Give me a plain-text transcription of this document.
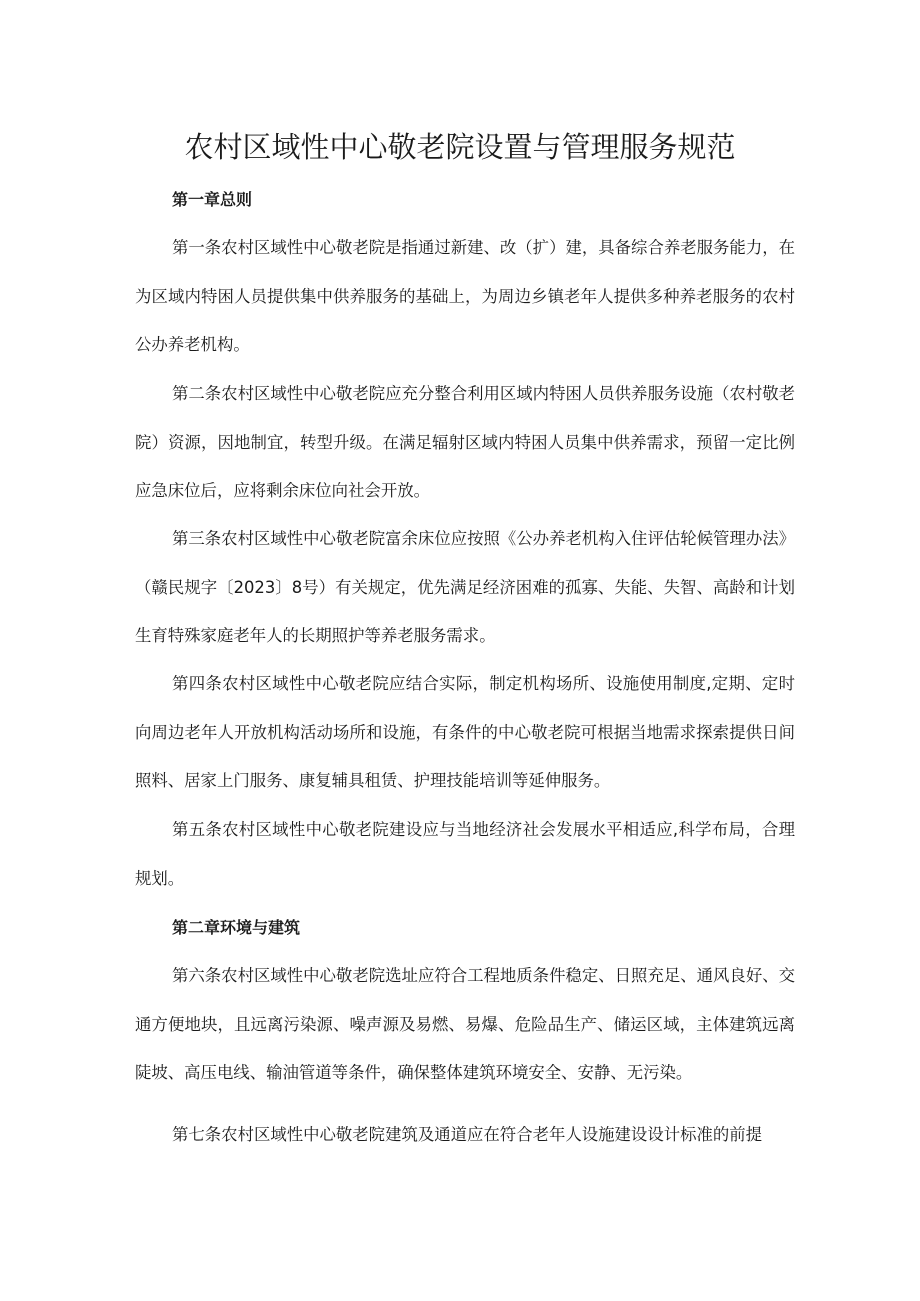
农村区域性中心敬老院设置与管理服务规范
第一章总则

第一条农村区域性中心敬老院是指通过新建、改（扩）建，具备综合养老服务能力，在为区域内特困人员提供集中供养服务的基础上，为周边乡镇老年人提供多种养老服务的农村公办养老机构。

第二条农村区域性中心敬老院应充分整合利用区域内特困人员供养服务设施（农村敬老院）资源，因地制宜，转型升级。在满足辐射区域内特困人员集中供养需求，预留一定比例应急床位后，应将剩余床位向社会开放。

第三条农村区域性中心敬老院富余床位应按照《公办养老机构入住评估轮候管理办法》（赣民规字〔2023〕8号）有关规定，优先满足经济困难的孤寡、失能、失智、高龄和计划生育特殊家庭老年人的长期照护等养老服务需求。

第四条农村区域性中心敬老院应结合实际，制定机构场所、设施使用制度,定期、定时向周边老年人开放机构活动场所和设施，有条件的中心敬老院可根据当地需求探索提供日间照料、居家上门服务、康复辅具租赁、护理技能培训等延伸服务。

第五条农村区域性中心敬老院建设应与当地经济社会发展水平相适应,科学布局，合理规划。

第二章环境与建筑

第六条农村区域性中心敬老院选址应符合工程地质条件稳定、日照充足、通风良好、交通方便地块，且远离污染源、噪声源及易燃、易爆、危险品生产、储运区域，主体建筑远离陡坡、高压电线、输油管道等条件，确保整体建筑环境安全、安静、无污染。

第七条农村区域性中心敬老院建筑及通道应在符合老年人设施建设设计标准的前提
